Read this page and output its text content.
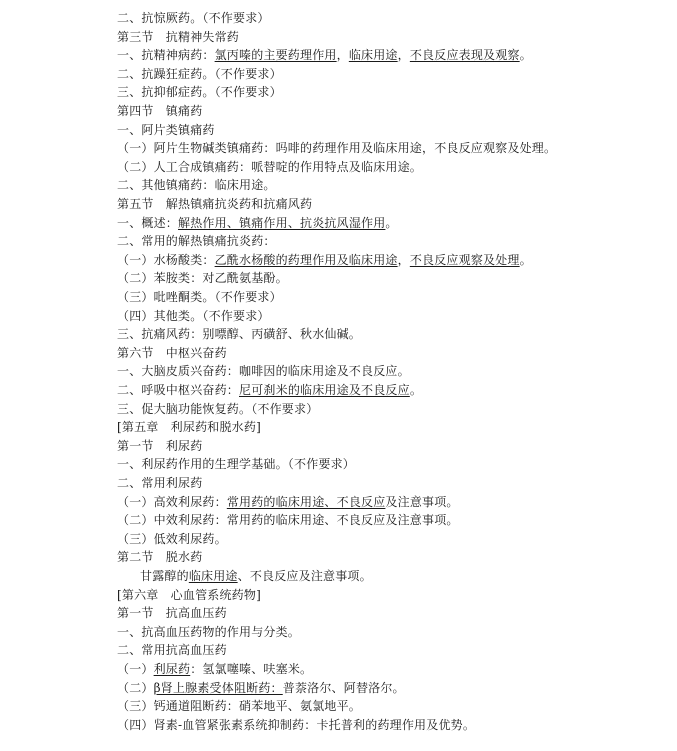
二、抗惊厥药。（不作要求）
第三节　抗精神失常药
一、抗精神病药：氯丙嗪的主要药理作用，临床用途，不良反应表现及观察。
二、抗躁狂症药。（不作要求）
三、抗抑郁症药。（不作要求）
第四节　镇痛药
一、阿片类镇痛药
（一）阿片生物碱类镇痛药：吗啡的药理作用及临床用途，不良反应观察及处理。
（二）人工合成镇痛药：哌替啶的作用特点及临床用途。
二、其他镇痛药：临床用途。
第五节　解热镇痛抗炎药和抗痛风药
一、概述：解热作用、镇痛作用、抗炎抗风湿作用。
二、常用的解热镇痛抗炎药：
（一）水杨酸类：乙酰水杨酸的药理作用及临床用途，不良反应观察及处理。
（二）苯胺类：对乙酰氨基酚。
（三）吡唑酮类。（不作要求）
（四）其他类。（不作要求）
三、抗痛风药：别嘌醇、丙磺舒、秋水仙碱。
第六节　中枢兴奋药
一、大脑皮质兴奋药：咖啡因的临床用途及不良反应。
二、呼吸中枢兴奋药：尼可刹米的临床用途及不良反应。
三、促大脑功能恢复药。（不作要求）
[第五章　利尿药和脱水药]
第一节　利尿药
一、利尿药作用的生理学基础。（不作要求）
二、常用利尿药
（一）高效利尿药：常用药的临床用途、不良反应及注意事项。
（二）中效利尿药：常用药的临床用途、不良反应及注意事项。
（三）低效利尿药。
第二节　脱水药
甘露醇的临床用途、不良反应及注意事项。
[第六章　心血管系统药物]
第一节　抗高血压药
一、抗高血压药物的作用与分类。
二、常用抗高血压药
（一）利尿药：氢氯噻嗪、呋塞米。
（二）β肾上腺素受体阻断药：普萘洛尔、阿替洛尔。
（三）钙通道阻断药：硝苯地平、氨氯地平。
（四）肾素-血管紧张素系统抑制药：卡托普利的药理作用及优势。
